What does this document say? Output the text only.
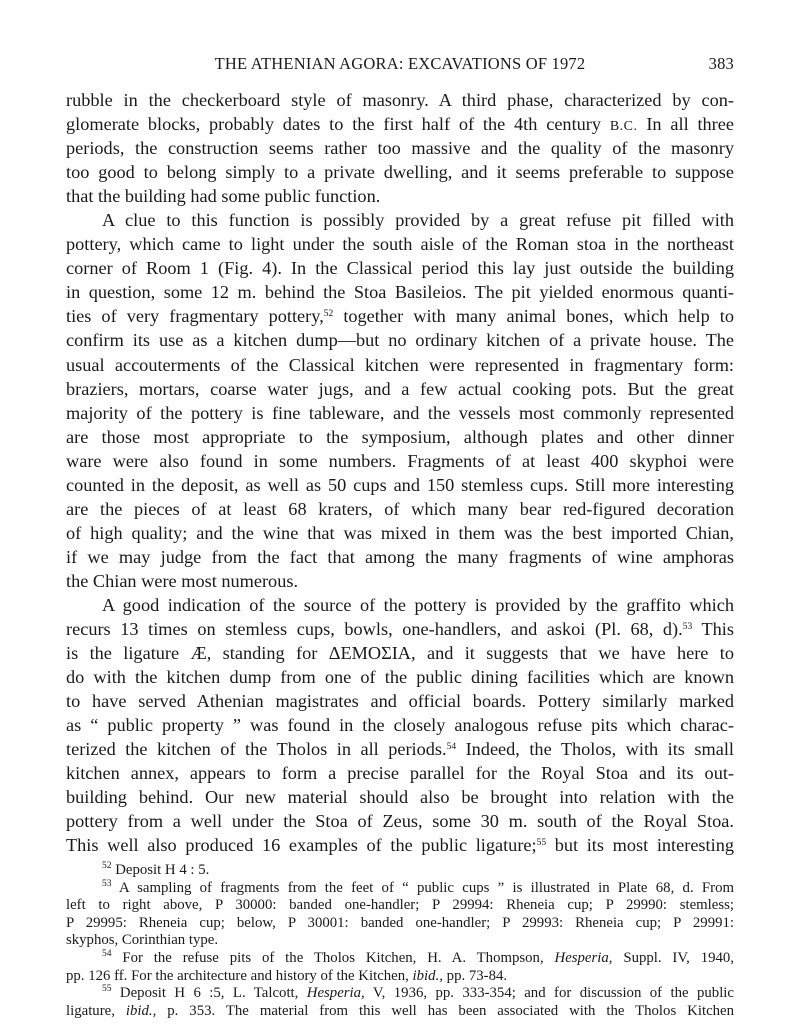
THE ATHENIAN AGORA: EXCAVATIONS OF 1972	383
rubble in the checkerboard style of masonry. A third phase, characterized by con-
glomerate blocks, probably dates to the first half of the 4th century B.C. In all three
periods, the construction seems rather too massive and the quality of the masonry
too good to belong simply to a private dwelling, and it seems preferable to suppose
that the building had some public function.
A clue to this function is possibly provided by a great refuse pit filled with
pottery, which came to light under the south aisle of the Roman stoa in the northeast
corner of Room 1 (Fig. 4). In the Classical period this lay just outside the building
in question, some 12 m. behind the Stoa Basileios. The pit yielded enormous quanti-
ties of very fragmentary pottery,$^{52}$ together with many animal bones, which help to
confirm its use as a kitchen dump—but no ordinary kitchen of a private house. The
usual accouterments of the Classical kitchen were represented in fragmentary form:
braziers, mortars, coarse water jugs, and a few actual cooking pots. But the great
majority of the pottery is fine tableware, and the vessels most commonly represented
are those most appropriate to the symposium, although plates and other dinner
ware were also found in some numbers. Fragments of at least 400 skyphoi were
counted in the deposit, as well as 50 cups and 150 stemless cups. Still more interesting
are the pieces of at least 68 kraters, of which many bear red-figured decoration
of high quality; and the wine that was mixed in them was the best imported Chian,
if we may judge from the fact that among the many fragments of wine amphoras
the Chian were most numerous.
A good indication of the source of the pottery is provided by the graffito which
recurs 13 times on stemless cups, bowls, one-handlers, and askoi (Pl. 68, d).$^{53}$ This
is the ligature Æ, standing for ΔΕΜΟΣΙΑ, and it suggests that we have here to
do with the kitchen dump from one of the public dining facilities which are known
to have served Athenian magistrates and official boards. Pottery similarly marked
as “ public property ” was found in the closely analogous refuse pits which charac-
terized the kitchen of the Tholos in all periods.$^{54}$ Indeed, the Tholos, with its small
kitchen annex, appears to form a precise parallel for the Royal Stoa and its out-
building behind. Our new material should also be brought into relation with the
pottery from a well under the Stoa of Zeus, some 30 m. south of the Royal Stoa.
This well also produced 16 examples of the public ligature;$^{55}$ but its most interesting
$^{52}$ Deposit H 4 : 5.
$^{53}$ A sampling of fragments from the feet of “ public cups ” is illustrated in Plate 68, d. From
left to right above, P 30000: banded one-handler; P 29994: Rheneia cup; P 29990: stemless;
P 29995: Rheneia cup; below, P 30001: banded one-handler; P 29993: Rheneia cup; P 29991:
skyphos, Corinthian type.
$^{54}$ For the refuse pits of the Tholos Kitchen, H. A. Thompson, Hesperia, Suppl. IV, 1940,
pp. 126 ff. For the architecture and history of the Kitchen, ibid., pp. 73-84.
$^{55}$ Deposit H 6 :5, L. Talcott, Hesperia, V, 1936, pp. 333-354; and for discussion of the public
ligature, ibid., p. 353. The material from this well has been associated with the Tholos Kitchen
